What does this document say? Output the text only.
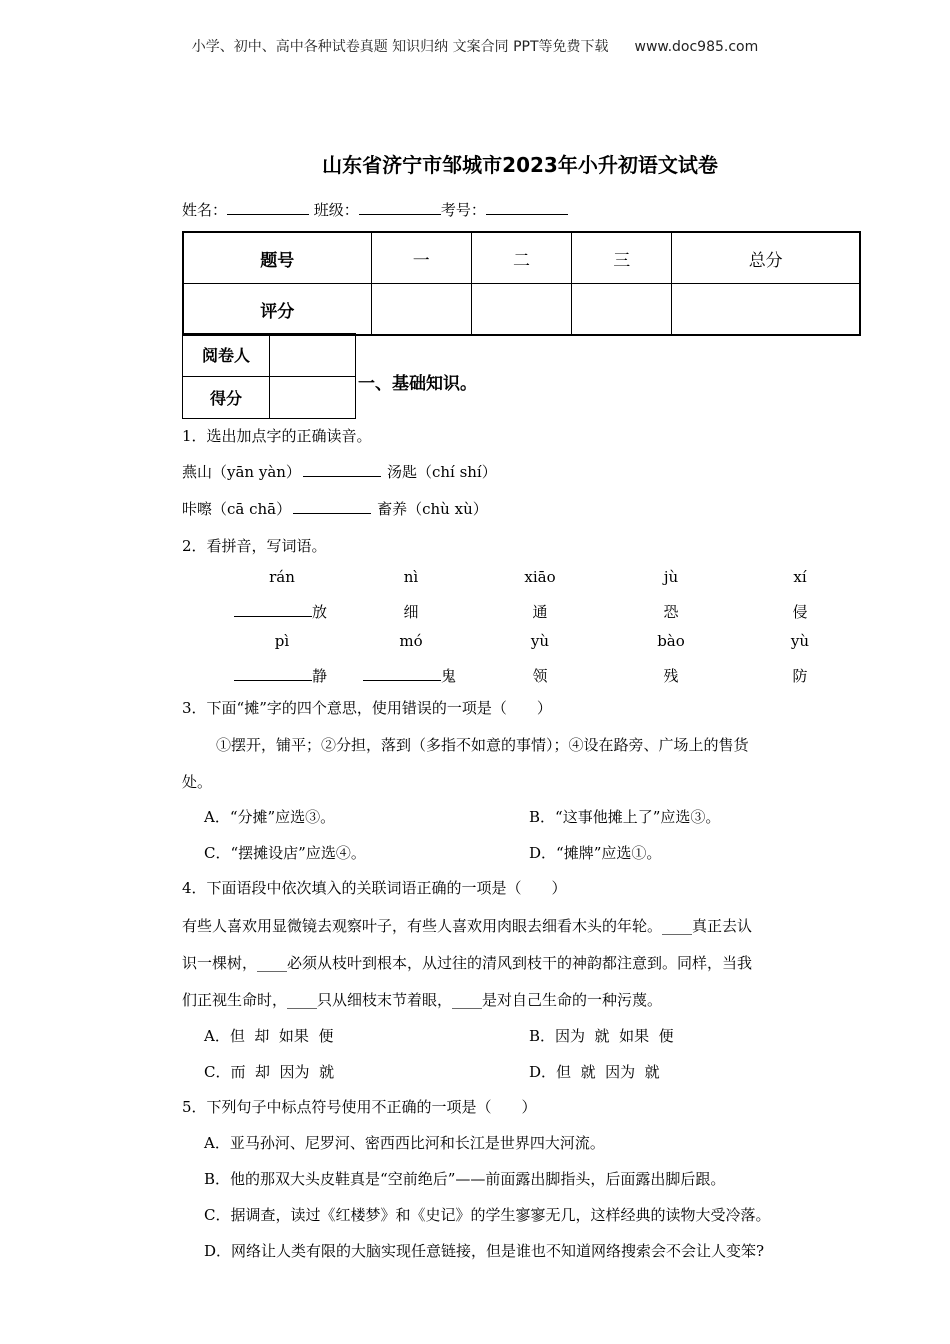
小学、初中、高中各种试卷真题 知识归纳 文案合同 PPT等免费下载 www.doc985.com
山东省济宁市邹城市2023年小升初语文试卷
姓名：	班级：	考号：
题号	一	二	三	总分
评分				
阅卷人	
得分	
一、基础知识。
1．选出加点字的正确读音。
燕山（yān yàn）	汤匙（chí shí）
咔嚓（cā chā）	畜养（chù xù）
2．看拼音，写词语。
rán	nì	xiāo	jù	xí
放	细	通	恐	侵
pì	mó	yù	bào	yù
静	鬼	领	残	防
3．下面“摊”字的四个意思，使用错误的一项是（　　）
①摆开，铺平；②分担，落到（多指不如意的事情）；④设在路旁、广场上的售货
处。
A．“分摊”应选③。	B．“这事他摊上了”应选③。
C．“摆摊设店”应选④。	D．“摊牌”应选①。
4．下面语段中依次填入的关联词语正确的一项是（　　）
有些人喜欢用显微镜去观察叶子，有些人喜欢用肉眼去细看木头的年轮。____真正去认
识一棵树，____必须从枝叶到根本，从过往的清风到枝干的神韵都注意到。同样，当我
们正视生命时，____只从细枝末节着眼，____是对自己生命的一种污蔑。
A．但  却  如果  便	B．因为  就  如果  便
C．而  却  因为  就	D．但  就  因为  就
5．下列句子中标点符号使用不正确的一项是（　　）
A．亚马孙河、尼罗河、密西西比河和长江是世界四大河流。
B．他的那双大头皮鞋真是“空前绝后”——前面露出脚指头，后面露出脚后跟。
C．据调查，读过《红楼梦》和《史记》的学生寥寥无几，这样经典的读物大受冷落。
D．网络让人类有限的大脑实现任意链接，但是谁也不知道网络搜索会不会让人变笨?
